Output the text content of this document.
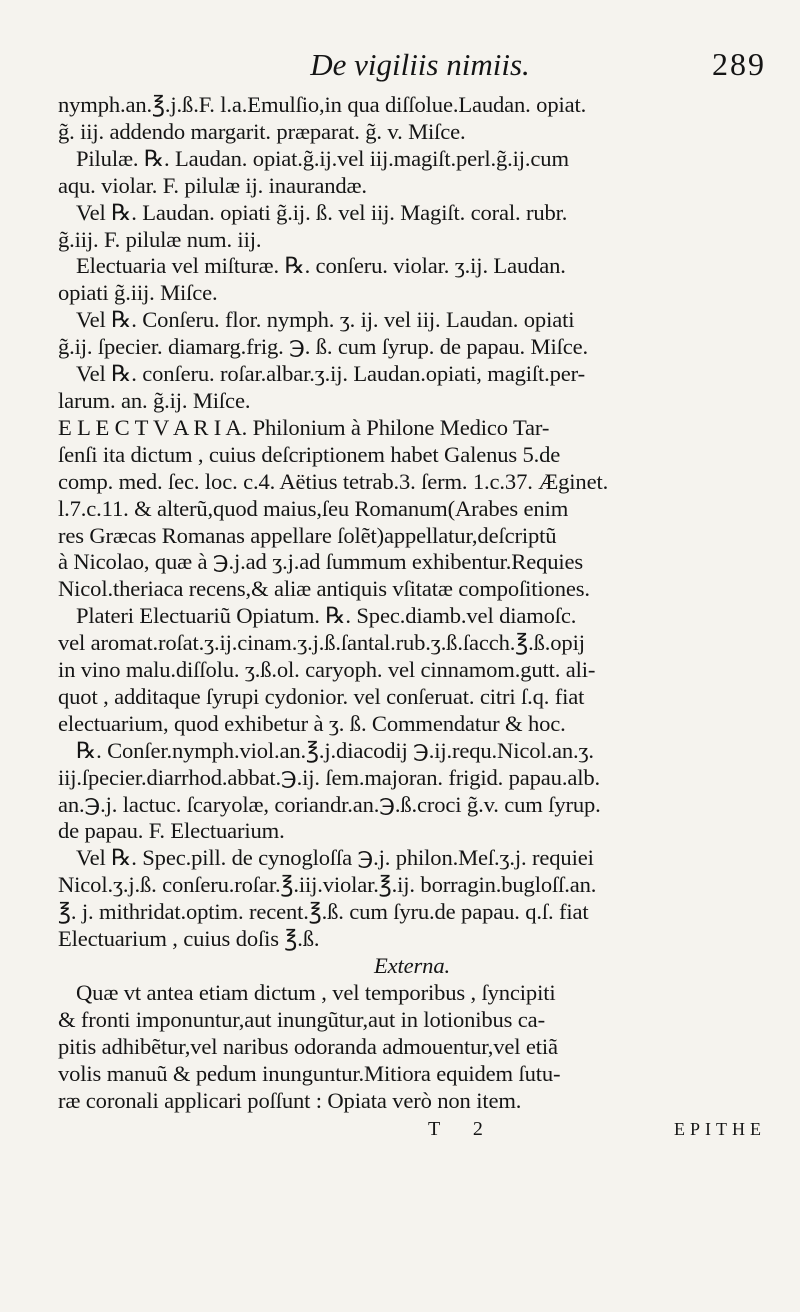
De vigiliis nimiis.	289
nymph.an.℥.j.ß.F. l.a.Emulſio,in qua diſſolue.Laudan. opiat.
g̃. iij. addendo margarit. præparat. g̃. v. Miſce.
Pilulæ. ℞. Laudan. opiat.g̃.ij.vel iij.magiſt.perl.g̃.ij.cum
aqu. violar. F. pilulæ ij. inaurandæ.
Vel ℞. Laudan. opiati g̃.ij. ß. vel iij. Magiſt. coral. rubr.
g̃.iij. F. pilulæ num. iij.
Electuaria vel miſturæ. ℞. conſeru. violar. ʒ.ij. Laudan.
opiati g̃.iij. Miſce.
Vel ℞. Conſeru. flor. nymph. ʒ. ij. vel iij. Laudan. opiati
g̃.ij. ſpecier. diamarg.frig. ℈. ß. cum ſyrup. de papau. Miſce.
Vel ℞. conſeru. roſar.albar.ʒ.ij. Laudan.opiati, magiſt.per-
larum. an. g̃.ij. Miſce.
E L E C T V A R I A. Philonium à Philone Medico Tar-
ſenſi ita dictum , cuius deſcriptionem habet Galenus 5.de
comp. med. ſec. loc. c.4. Aëtius tetrab.3. ſerm. 1.c.37. Æginet.
l.7.c.11. & alterũ,quod maius,ſeu Romanum(Arabes enim
res Græcas Romanas appellare ſolẽt)appellatur,deſcriptũ
à Nicolao, quæ à ℈.j.ad ʒ.j.ad ſummum exhibentur.Requies
Nicol.theriaca recens,& aliæ antiquis vſitatæ compoſitiones.
Plateri Electuariũ Opiatum. ℞. Spec.diamb.vel diamoſc.
vel aromat.roſat.ʒ.ij.cinam.ʒ.j.ß.ſantal.rub.ʒ.ß.ſacch.℥.ß.opij
in vino malu.diſſolu. ʒ.ß.ol. caryoph. vel cinnamom.gutt. ali-
quot , additaque ſyrupi cydonior. vel conſeruat. citri ſ.q. fiat
electuarium, quod exhibetur à ʒ. ß. Commendatur & hoc.
℞. Conſer.nymph.viol.an.℥.j.diacodij ℈.ij.requ.Nicol.an.ʒ.
iij.ſpecier.diarrhod.abbat.℈.ij. ſem.majoran. frigid. papau.alb.
an.℈.j. lactuc. ſcaryolæ, coriandr.an.℈.ß.croci g̃.v. cum ſyrup.
de papau. F. Electuarium.
Vel ℞. Spec.pill. de cynogloſſa ℈.j. philon.Meſ.ʒ.j. requiei
Nicol.ʒ.j.ß. conſeru.roſar.℥.iij.violar.℥.ij. borragin.bugloſſ.an.
℥. j. mithridat.optim. recent.℥.ß. cum ſyru.de papau. q.ſ. fiat
Electuarium , cuius doſis ℥.ß.
Externa.
Quæ vt antea etiam dictum , vel temporibus , ſyncipiti
& fronti imponuntur,aut inungũtur,aut in lotionibus ca-
pitis adhibẽtur,vel naribus odoranda admouentur,vel etiã
volis manuũ & pedum inunguntur.Mitiora equidem ſutu-
ræ coronali applicari poſſunt : Opiata verò non item.
T 2	EPITHE
